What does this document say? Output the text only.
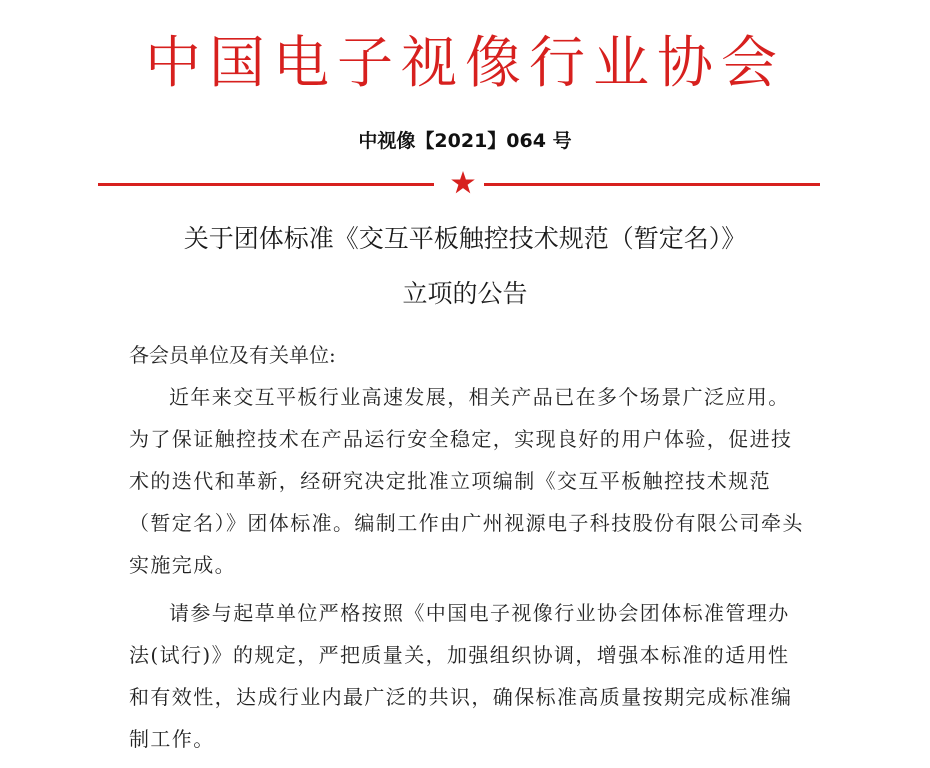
中国电子视像行业协会
中视像【2021】064 号
关于团体标准《交互平板触控技术规范（暂定名）》
立项的公告
各会员单位及有关单位:

近年来交互平板行业高速发展，相关产品已在多个场景广泛应用。为了保证触控技术在产品运行安全稳定，实现良好的用户体验，促进技术的迭代和革新，经研究决定批准立项编制《交互平板触控技术规范（暂定名）》团体标准。编制工作由广州视源电子科技股份有限公司牵头实施完成。

请参与起草单位严格按照《中国电子视像行业协会团体标准管理办法(试行)》的规定，严把质量关，加强组织协调，增强本标准的适用性和有效性，达成行业内最广泛的共识，确保标准高质量按期完成标准编制工作。
